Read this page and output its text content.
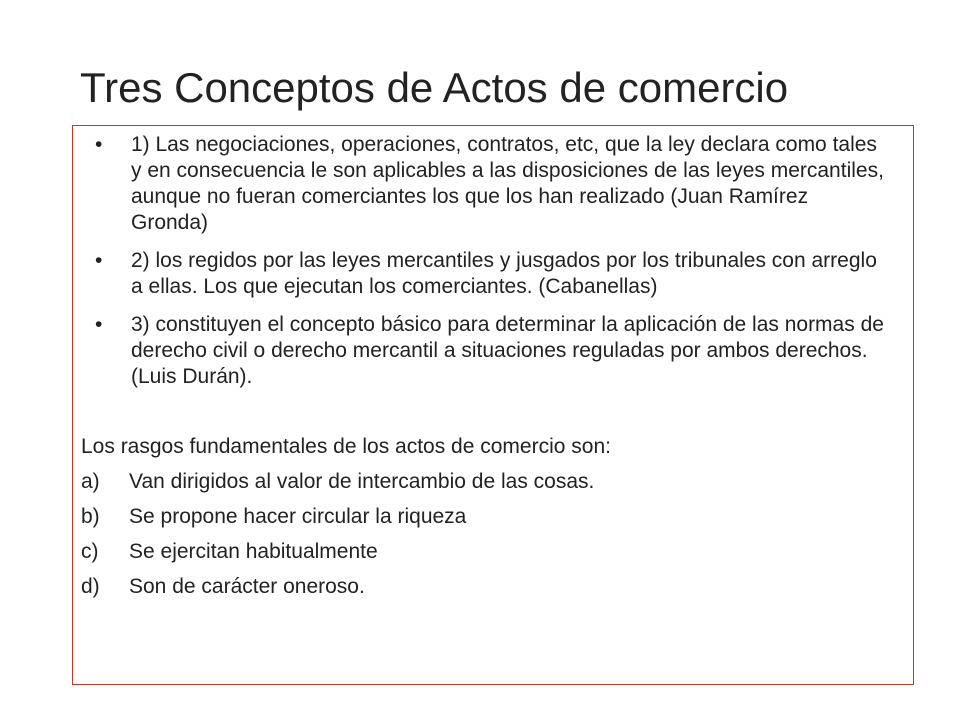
Tres Conceptos de Actos de comercio
• 1) Las negociaciones, operaciones, contratos, etc, que la ley declara como tales y en consecuencia le son aplicables a las disposiciones de las leyes mercantiles, aunque no fueran comerciantes los que los han realizado (Juan Ramírez Gronda)
• 2) los regidos por las leyes mercantiles y jusgados por los tribunales con arreglo a ellas. Los que ejecutan los comerciantes. (Cabanellas)
• 3) constituyen el concepto básico para determinar la aplicación de las normas de derecho civil o derecho mercantil a situaciones reguladas por ambos derechos.(Luis Durán).
Los rasgos fundamentales de los actos de comercio son:
a) Van dirigidos al valor de intercambio de las cosas.
b) Se propone hacer circular la riqueza
c) Se ejercitan habitualmente
d) Son de carácter oneroso.
